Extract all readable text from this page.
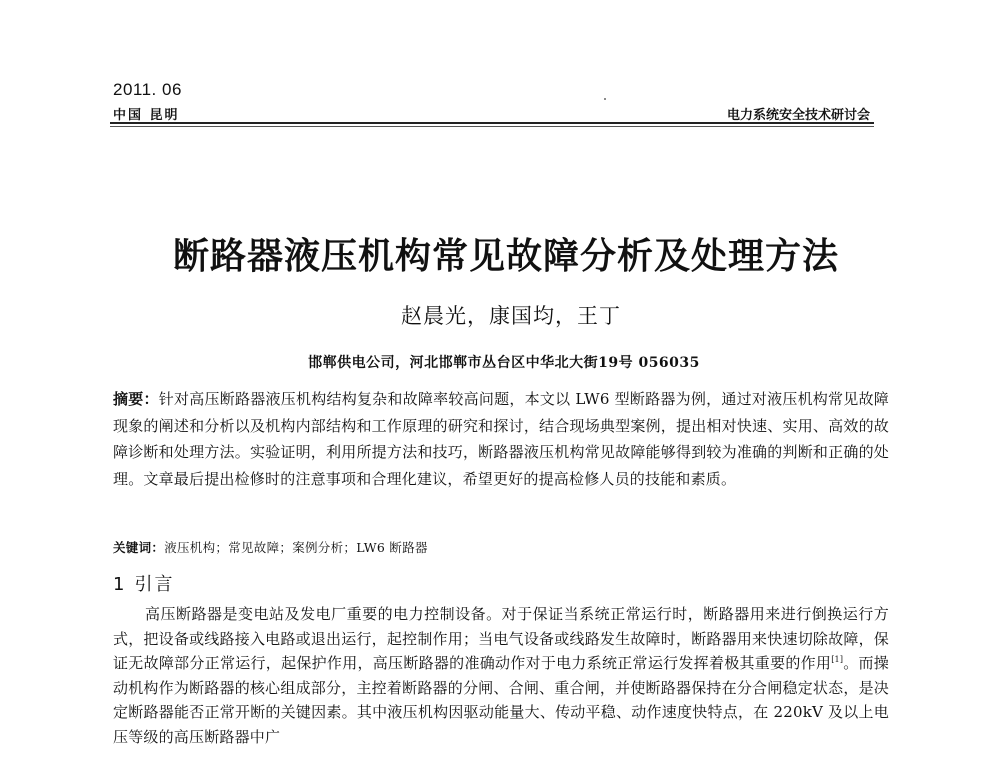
2011. 06
中国 昆明	电力系统安全技术研讨会
断路器液压机构常见故障分析及处理方法
赵晨光，康国均，王丁
邯郸供电公司，河北邯郸市丛台区中华北大街19号 056035
摘要：针对高压断路器液压机构结构复杂和故障率较高问题，本文以 LW6 型断路器为例，通过对液压机构常见故障现象的阐述和分析以及机构内部结构和工作原理的研究和探讨，结合现场典型案例，提出相对快速、实用、高效的故障诊断和处理方法。实验证明，利用所提方法和技巧，断路器液压机构常见故障能够得到较为准确的判断和正确的处理。文章最后提出检修时的注意事项和合理化建议，希望更好的提高检修人员的技能和素质。
关键词：液压机构；常见故障；案例分析；LW6 断路器
1 引言
高压断路器是变电站及发电厂重要的电力控制设备。对于保证当系统正常运行时，断路器用来进行倒换运行方式，把设备或线路接入电路或退出运行，起控制作用；当电气设备或线路发生故障时，断路器用来快速切除故障，保证无故障部分正常运行，起保护作用，高压断路器的准确动作对于电力系统正常运行发挥着极其重要的作用[1]。而操动机构作为断路器的核心组成部分，主控着断路器的分闸、合闸、重合闸，并使断路器保持在分合闸稳定状态，是决定断路器能否正常开断的关键因素。其中液压机构因驱动能量大、传动平稳、动作速度快特点，在 220kV 及以上电压等级的高压断路器中广
